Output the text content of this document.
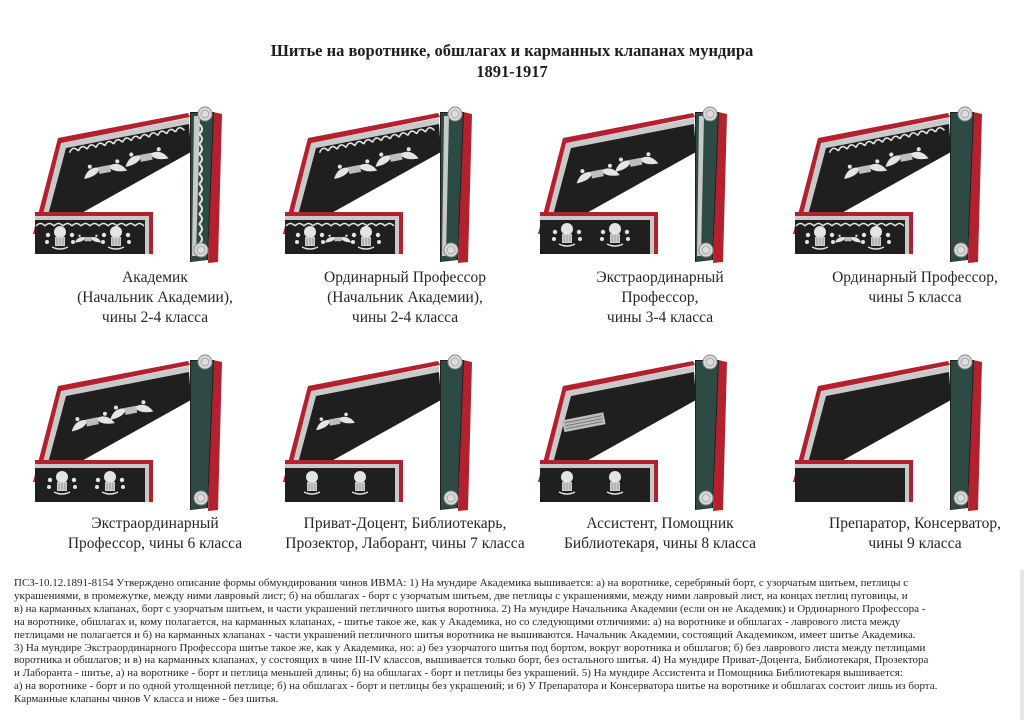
Шитье на воротнике, обшлагах и карманных клапанах мундира
1891-1917
Академик
(Начальник Академии),
чины 2-4 класса
Ординарный Профессор
(Начальник Академии),
чины 2-4 класса
Экстраординарный
Профессор,
чины 3-4 класса
Ординарный Профессор,
чины 5 класса
Экстраординарный
Профессор, чины 6 класса
Приват-Доцент, Библиотекарь,
Прозектор, Лаборант, чины 7 класса
Ассистент, Помощник
Библиотекаря, чины 8 класса
Препаратор, Консерватор,
чины 9 класса

ПСЗ-10.12.1891-8154 Утверждено описание формы обмундирования чинов ИВМА: 1) На мундире Академика вышивается: а) на воротнике, серебряный борт, с узорчатым шитьем, петлицы с

украшениями, в промежутке, между ними лавровый лист; б) на обшлагах - борт с узорчатым шитьем, две петлицы с украшениями, между ними лавровый лист, на концах петлиц пуговицы, и

в) на карманных клапанах, борт с узорчатым шитьем, и части украшений петличного шитья воротника. 2) На мундире Начальника Академии (если он не Академик) и Ординарного Профессора -

на воротнике, обшлагах и, кому полагается, на карманных клапанах, - шитье такое же, как у Академика, но со следующими отличиями: а) на воротнике и обшлагах - лаврового листа между

петлицами не полагается и б) на карманных клапанах - части украшений петличного шитья воротника не вышиваются. Начальник Академии, состоящий Академиком, имеет шитье Академика.

3) На мундире Экстраординарного Профессора шитье такое же, как у Академика, но: а) без узорчатого шитья под бортом, вокруг воротника и обшлагов; б) без лаврового листа между петлицами

воротника и обшлагов; и в) на карманных клапанах, у состоящих в чине III-IV классов, вышивается только борт, без остального шитья. 4) На мундире Приват-Доцента, Библиотекаря, Прозектора

и Лаборанта - шитье, а) на воротнике - борт и петлица меньшей длины; б) на обшлагах - борт и петлицы без украшений. 5) На мундире Ассистента и Помощника Библиотекаря вышивается:

а) на воротнике - борт и по одной утолщенной петлице; б) на обшлагах - борт и петлицы без украшений; и 6) У Препаратора и Консерватора шитье на воротнике и обшлагах состоит лишь из борта.

Карманные клапаны чинов V класса и ниже - без шитья.
